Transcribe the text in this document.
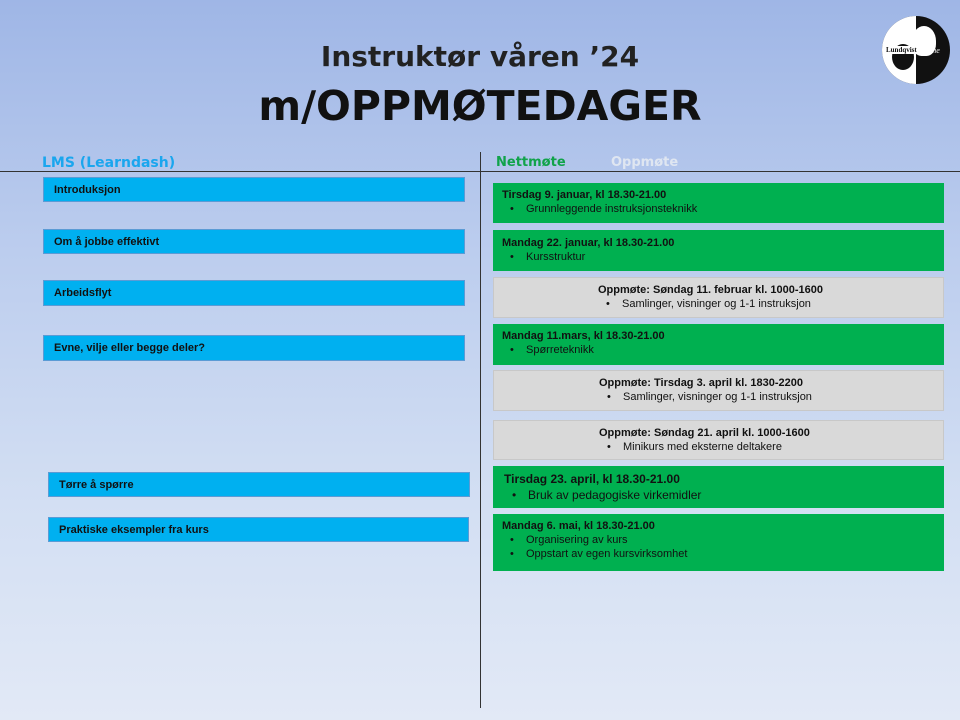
Instruktør våren ’24
m/OPPMØTEDAGER
Lundqvist Online
LMS (Learndash)	Nettmøte	Oppmøte
Introduksjon
Om å jobbe effektivt
Arbeidsflyt
Evne, vilje eller begge deler?
Tørre å spørre
Praktiske eksempler fra kurs
Tirsdag 9. januar, kl 18.30-21.00
• Grunnleggende instruksjonsteknikk
Mandag 22. januar, kl 18.30-21.00
• Kursstruktur
Oppmøte: Søndag 11. februar kl. 1000-1600
• Samlinger, visninger og 1-1 instruksjon
Mandag 11.mars, kl 18.30-21.00
• Spørreteknikk
Oppmøte: Tirsdag 3. april kl. 1830-2200
• Samlinger, visninger og 1-1 instruksjon
Oppmøte: Søndag 21. april kl. 1000-1600
• Minikurs med eksterne deltakere
Tirsdag 23. april, kl 18.30-21.00
• Bruk av pedagogiske virkemidler
Mandag 6. mai, kl 18.30-21.00
• Organisering av kurs
• Oppstart av egen kursvirksomhet
